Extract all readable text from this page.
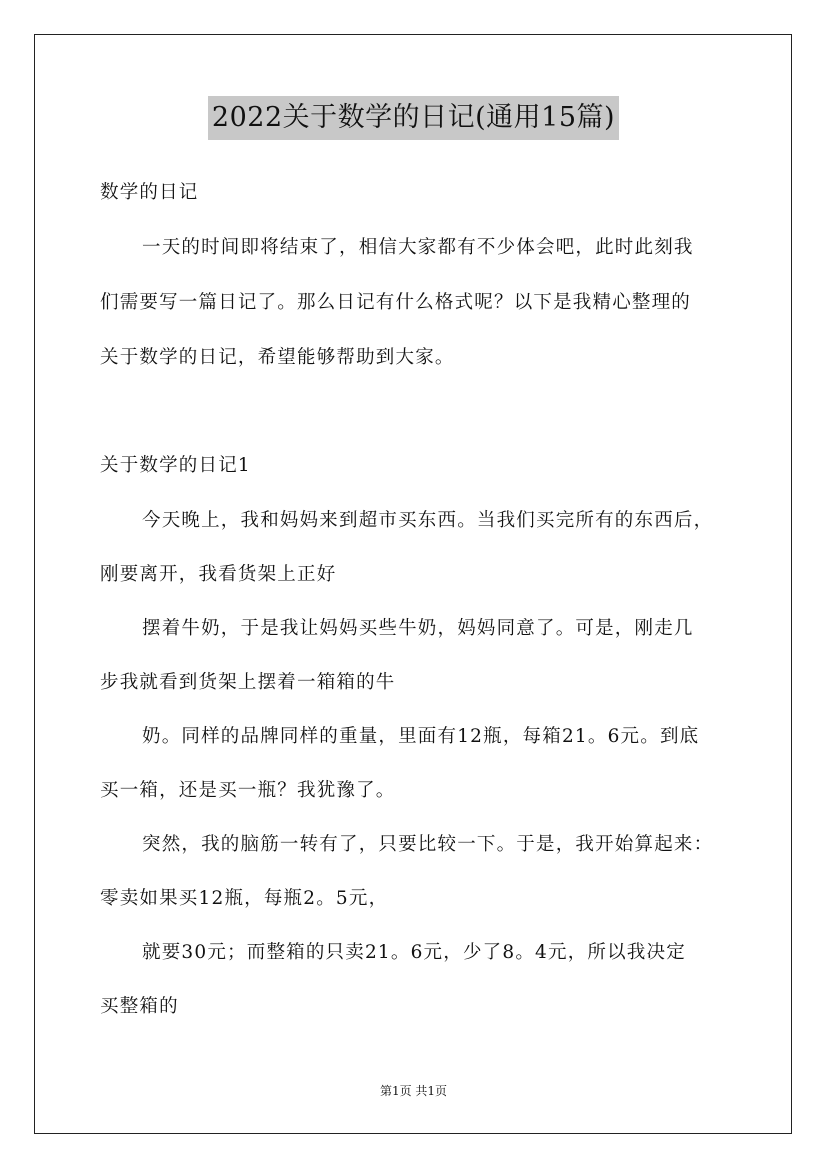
2022关于数学的日记(通用15篇)
数学的日记
一天的时间即将结束了，相信大家都有不少体会吧，此时此刻我
们需要写一篇日记了。那么日记有什么格式呢？以下是我精心整理的
关于数学的日记，希望能够帮助到大家。
关于数学的日记1
今天晚上，我和妈妈来到超市买东西。当我们买完所有的东西后，
刚要离开，我看货架上正好
摆着牛奶，于是我让妈妈买些牛奶，妈妈同意了。可是，刚走几
步我就看到货架上摆着一箱箱的牛
奶。同样的品牌同样的重量，里面有12瓶，每箱21。6元。到底
买一箱，还是买一瓶？我犹豫了。
突然，我的脑筋一转有了，只要比较一下。于是，我开始算起来：
零卖如果买12瓶，每瓶2。5元，
就要30元；而整箱的只卖21。6元，少了8。4元，所以我决定
买整箱的
第1页 共1页
